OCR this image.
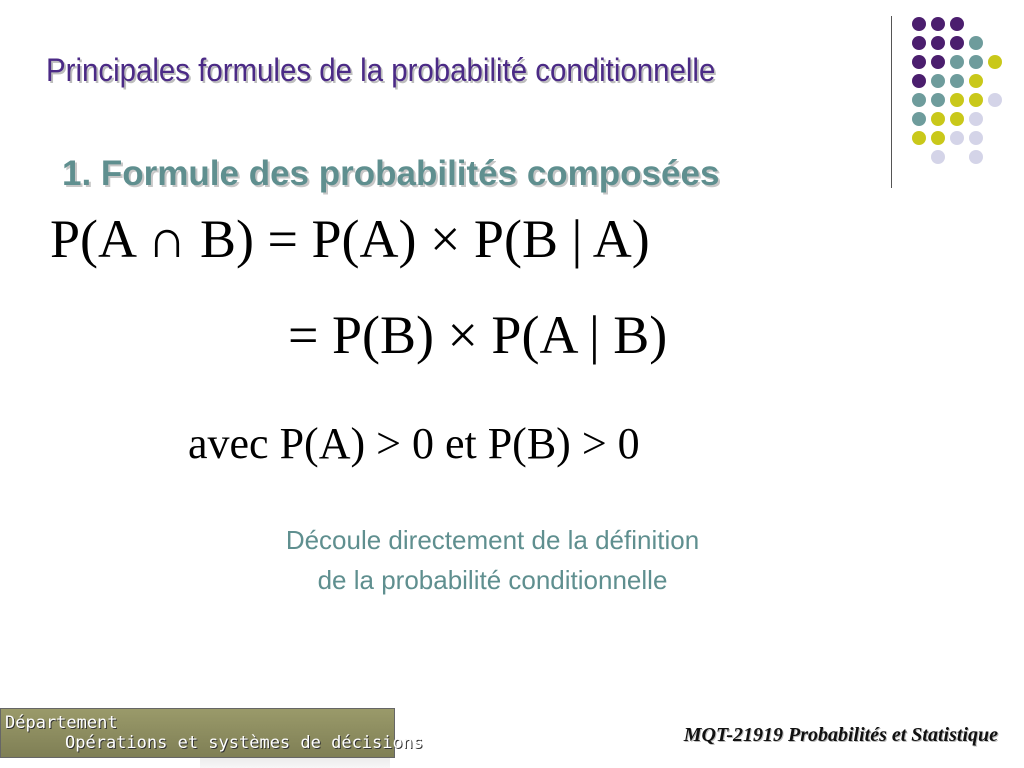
Principales formules de la probabilité conditionnelle
1. Formule des probabilités composées
P(A ∩ B) = P(A) × P(B | A)
= P(B) × P(A | B)
avec P(A) > 0 et P(B) > 0
Découle directement de la définition
de la probabilité conditionnelle
Département
Opérations et systèmes de décisions	MQT-21919 Probabilités et Statistique
